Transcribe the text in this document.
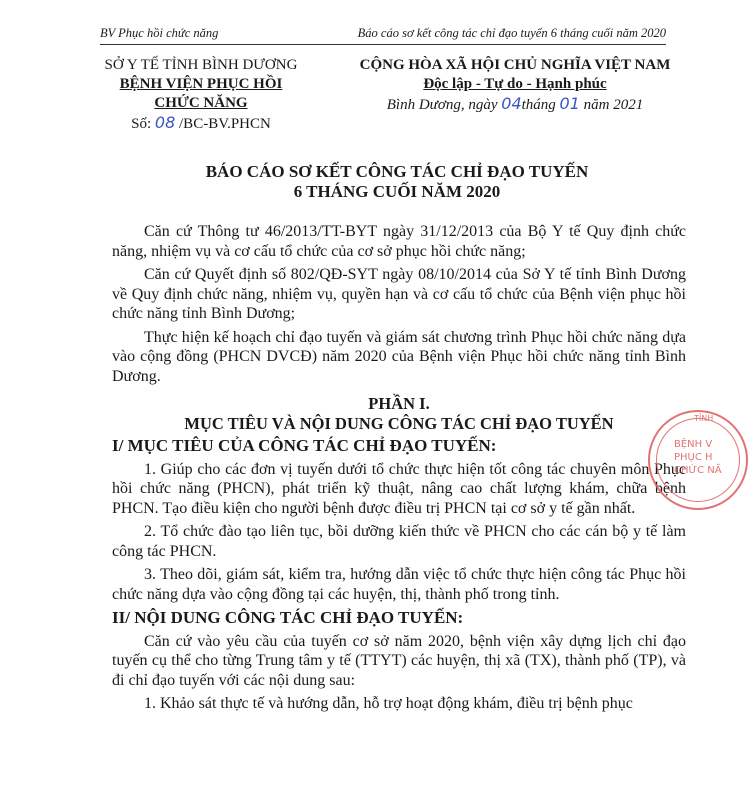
BV Phục hồi chức năng	Báo cáo sơ kết công tác chỉ đạo tuyến 6 tháng cuối năm 2020
SỞ Y TẾ TỈNH BÌNH DƯƠNG
BỆNH VIỆN PHỤC HỒI CHỨC NĂNG
Số: 08 /BC-BV.PHCN
CỘNG HÒA XÃ HỘI CHỦ NGHĨA VIỆT NAM
Độc lập - Tự do - Hạnh phúc
Bình Dương, ngày 04tháng 01 năm 2021
BÁO CÁO SƠ KẾT CÔNG TÁC CHỈ ĐẠO TUYẾN
6 THÁNG CUỐI NĂM 2020

Căn cứ Thông tư 46/2013/TT-BYT ngày 31/12/2013 của Bộ Y tế Quy định chức năng, nhiệm vụ và cơ cấu tổ chức của cơ sở phục hồi chức năng;

Căn cứ Quyết định số 802/QĐ-SYT ngày 08/10/2014 của Sở Y tế tỉnh Bình Dương về Quy định chức năng, nhiệm vụ, quyền hạn và cơ cấu tổ chức của Bệnh viện phục hồi chức năng tỉnh Bình Dương;

Thực hiện kế hoạch chỉ đạo tuyến và giám sát chương trình Phục hồi chức năng dựa vào cộng đồng (PHCN DVCĐ) năm 2020 của Bệnh viện Phục hồi chức năng tỉnh Bình Dương.

PHẦN I.
MỤC TIÊU VÀ NỘI DUNG CÔNG TÁC CHỈ ĐẠO TUYẾN

I/ MỤC TIÊU CỦA CÔNG TÁC CHỈ ĐẠO TUYẾN:

1. Giúp cho các đơn vị tuyến dưới tổ chức thực hiện tốt công tác chuyên môn Phục hồi chức năng (PHCN), phát triển kỹ thuật, nâng cao chất lượng khám, chữa bệnh PHCN. Tạo điều kiện cho người bệnh được điều trị PHCN tại cơ sở y tế gần nhất.

2. Tổ chức đào tạo liên tục, bồi dưỡng kiến thức về PHCN cho các cán bộ y tế làm công tác PHCN.

3. Theo dõi, giám sát, kiểm tra, hướng dẫn việc tổ chức thực hiện công tác Phục hồi chức năng dựa vào cộng đồng tại các huyện, thị, thành phố trong tỉnh.

II/ NỘI DUNG CÔNG TÁC CHỈ ĐẠO TUYẾN:

Căn cứ vào yêu cầu của tuyến cơ sở năm 2020, bệnh viện xây dựng lịch chỉ đạo tuyến cụ thể cho từng Trung tâm y tế (TTYT) các huyện, thị xã (TX), thành phố (TP), và đi chỉ đạo tuyến với các nội dung sau:

1. Khảo sát thực tế và hướng dẫn, hỗ trợ hoạt động khám, điều trị bệnh phục

TỈNH
BỆNH V
PHỤC H
CHỨC NĂ
